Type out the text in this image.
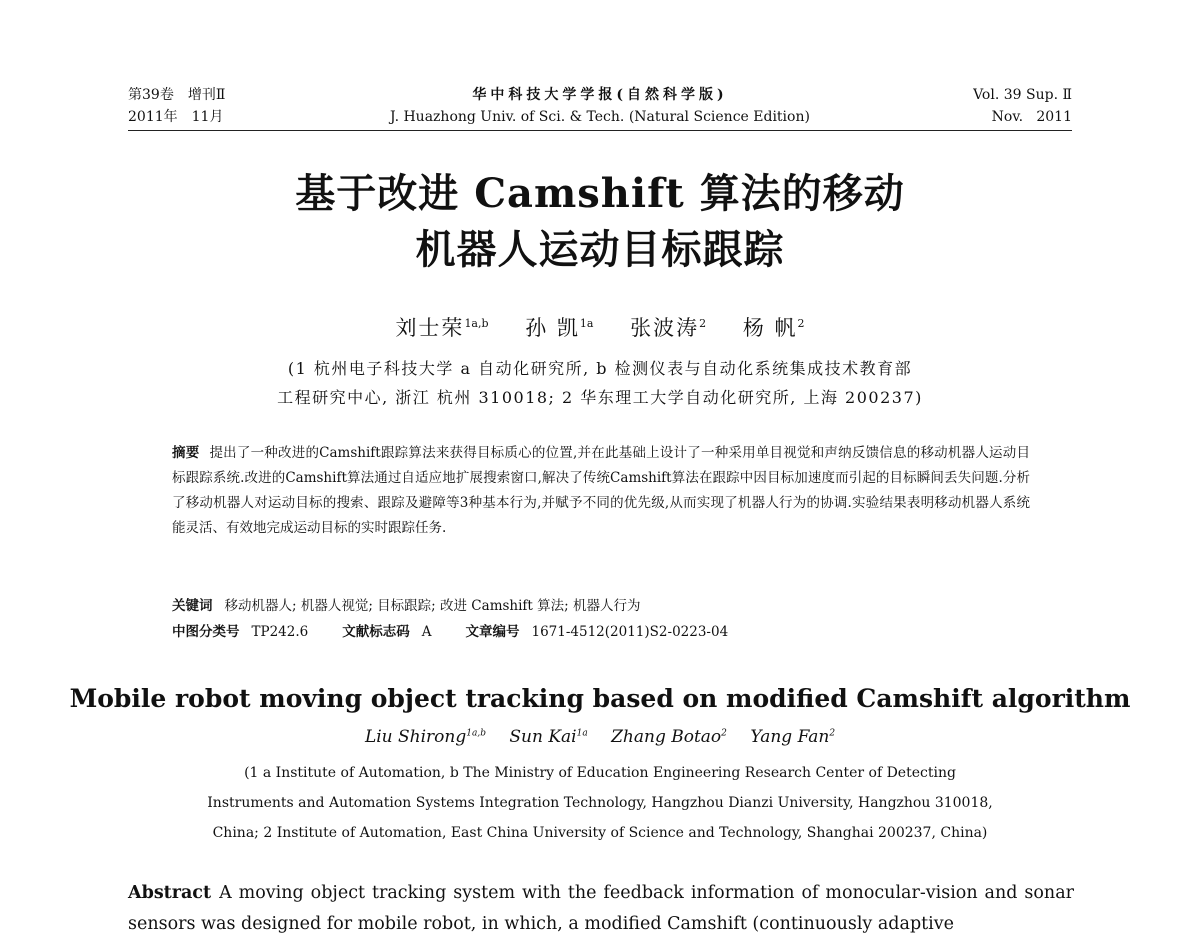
第39卷 增刊Ⅱ
2011年 11月
华中科技大学学报(自然科学版)
J. Huazhong Univ. of Sci. & Tech. (Natural Science Edition)
Vol. 39 Sup. Ⅱ
Nov.   2011
基于改进 Camshift 算法的移动
机器人运动目标跟踪
刘士荣$^{1a,b}$ 孙 凯$^{1a}$ 张波涛$^2$ 杨 帆$^2$
(1 杭州电子科技大学 a 自动化研究所, b 检测仪表与自动化系统集成技术教育部
工程研究中心, 浙江 杭州 310018; 2 华东理工大学自动化研究所, 上海 200237)
摘要 提出了一种改进的Camshift跟踪算法来获得目标质心的位置,并在此基础上设计了一种采用单目视觉和声纳反馈信息的移动机器人运动目标跟踪系统.改进的Camshift算法通过自适应地扩展搜索窗口,解决了传统Camshift算法在跟踪中因目标加速度而引起的目标瞬间丢失问题.分析了移动机器人对运动目标的搜索、跟踪及避障等3种基本行为,并赋予不同的优先级,从而实现了机器人行为的协调.实验结果表明移动机器人系统能灵活、有效地完成运动目标的实时跟踪任务.
关键词 移动机器人; 机器人视觉; 目标跟踪; 改进 Camshift 算法; 机器人行为
中图分类号 TP242.6	文献标志码 A	文章编号 1671-4512(2011)S2-0223-04
Mobile robot moving object tracking based on modified Camshift algorithm
Liu Shirong$^{1a,b}$ Sun Kai$^{1a}$ Zhang Botao$^2$ Yang Fan$^2$
(1 a Institute of Automation, b The Ministry of Education Engineering Research Center of Detecting
Instruments and Automation Systems Integration Technology, Hangzhou Dianzi University, Hangzhou 310018,
China; 2 Institute of Automation, East China University of Science and Technology, Shanghai 200237, China)
Abstract A moving object tracking system with the feedback information of monocular-vision and sonar sensors was designed for mobile robot, in which, a modified Camshift (continuously adaptive
